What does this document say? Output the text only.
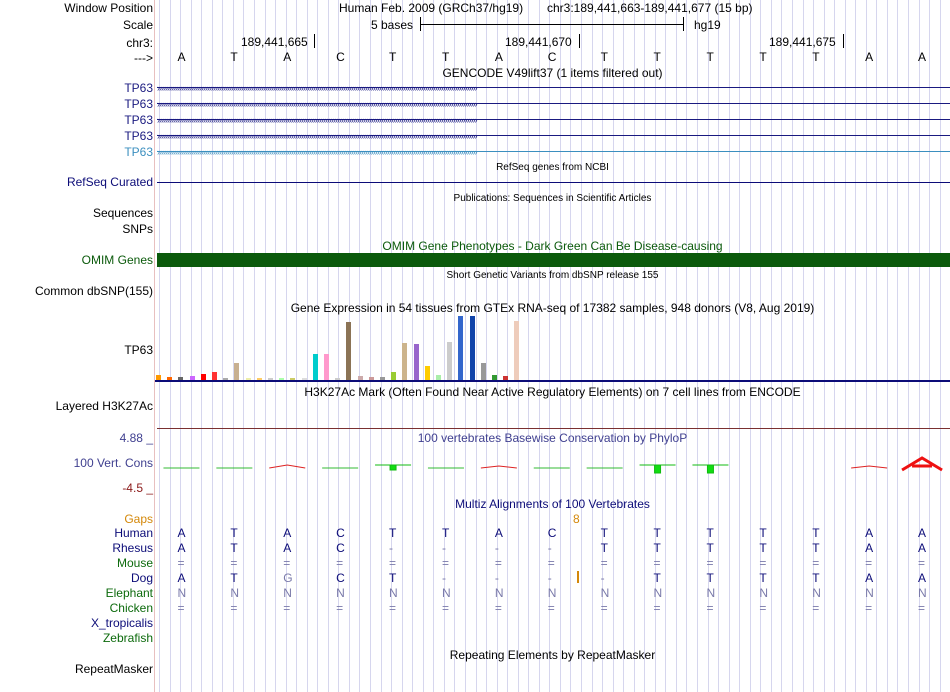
Window Position	Human Feb. 2009 (GRCh37/hg19) chr3:189,441,663-189,441,677 (15 bp)
Scale	5 bases	hg19
chr3:	189,441,665	189,441,670	189,441,675
---> A	T	A	C	T	T	A	C	T	T	T	T	T	A	A
GENCODE V49lift37 (1 items filtered out)
TP63 ››››››››››››››››››››››››››››››››››››››››››››››››››››››››››››››››››››››››››››››››››››››››››››››››››››››››››››››››››››››››››››››››››››››››››››››››››››››››››››››››
TP63 ››››››››››››››››››››››››››››››››››››››››››››››››››››››››››››››››››››››››››››››››››››››››››››››››››››››››››››››››››››››››››››››››››››››››››››››››››››››››››››››››
TP63 ››››››››››››››››››››››››››››››››››››››››››››››››››››››››››››››››››››››››››››››››››››››››››››››››››››››››››››››››››››››››››››››››››››››››››››››››››››››››››››››››
TP63 ››››››››››››››››››››››››››››››››››››››››››››››››››››››››››››››››››››››››››››››››››››››››››››››››››››››››››››››››››››››››››››››››››››››››››››››››››››››››››››››››
TP63 ››››››››››››››››››››››››››››››››››››››››››››››››››››››››››››››››››››››››››››››››››››››››››››››››››››››››››››››››››››››››››››››››››››››››››››››››››››››››››››››››
RefSeq genes from NCBI
RefSeq Curated
Publications: Sequences in Scientific Articles
Sequences
SNPs
OMIM Gene Phenotypes - Dark Green Can Be Disease-causing
OMIM Genes
Short Genetic Variants from dbSNP release 155
Common dbSNP(155)
Gene Expression in 54 tissues from GTEx RNA-seq of 17382 samples, 948 donors (V8, Aug 2019)
TP63
H3K27Ac Mark (Often Found Near Active Regulatory Elements) on 7 cell lines from ENCODE
Layered H3K27Ac
100 vertebrates Basewise Conservation by PhyloP
4.88 _
100 Vert. Cons
-4.5 _
Multiz Alignments of 100 Vertebrates
Gaps	8
Human A	T	A	C	T	T	A	C	T	T	T	T	T	A	A
Rhesus A	T	A	C	-	-	-	-	T	T	T	T	T	A	A
Mouse =	=	=	=	=	=	=	=	=	=	=	=	=	=	=
Dog A	T	G	C	T	-	-	-	-	T	T	T	T	A	A
Elephant N	N	N	N	N	N	N	N	N	N	N	N	N	N	N
Chicken =	=	=	=	=	=	=	=	=	=	=	=	=	=	=
X_tropicalis
Zebrafish
Repeating Elements by RepeatMasker
RepeatMasker
